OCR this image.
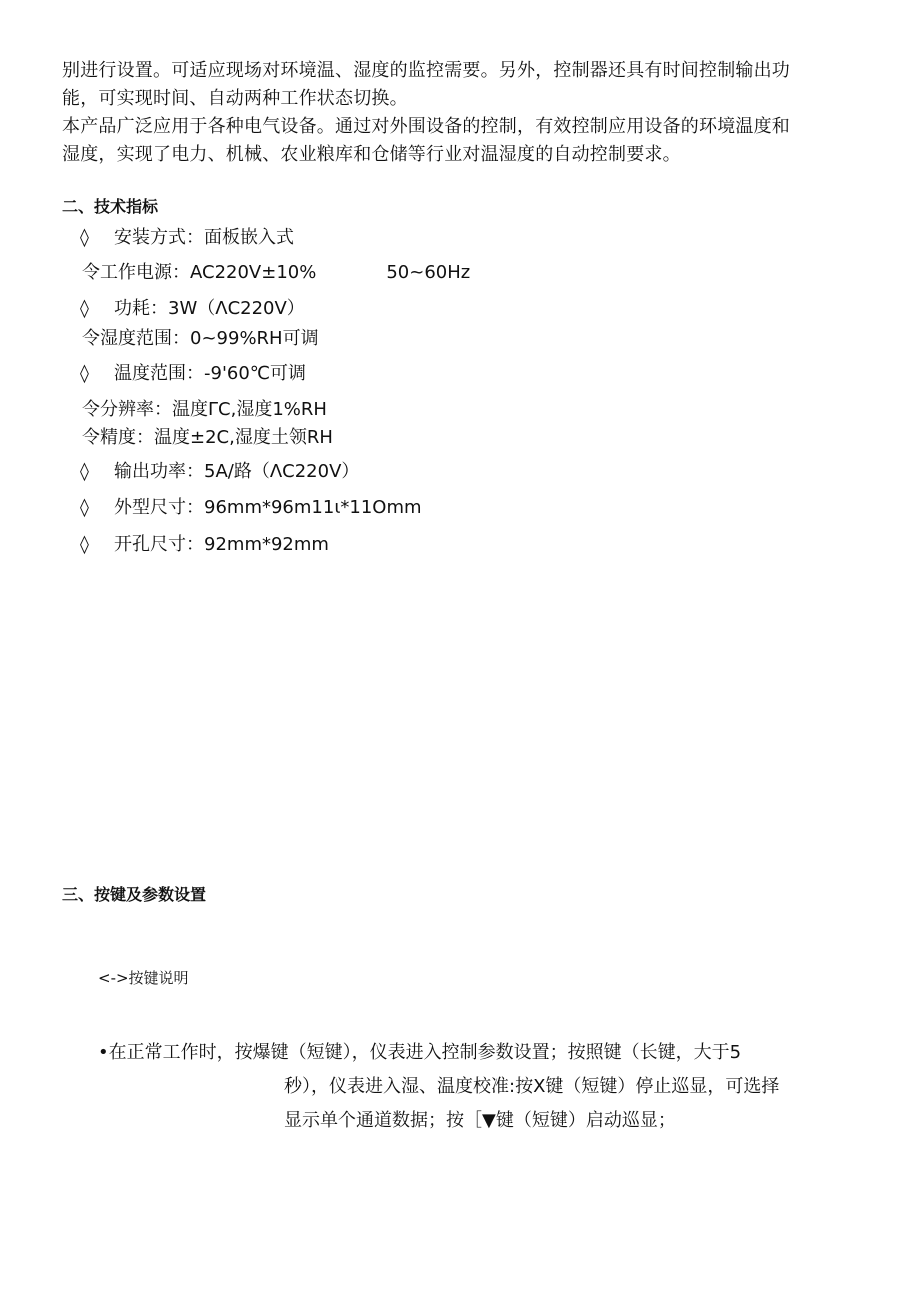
别进行设置。可适应现场对环境温、湿度的监控需要。另外，控制器还具有时间控制输出功
能，可实现时间、自动两种工作状态切换。
本产品广泛应用于各种电气设备。通过对外围设备的控制，有效控制应用设备的环境温度和
湿度，实现了电力、机械、农业粮库和仓储等行业对温湿度的自动控制要求。
二、技术指标
◊ 安装方式：面板嵌入式
令工作电源：AC220V±10%	50~60Hz
◊ 功耗：3W（ΛC220V）
令湿度范围：0~99%RH可调
◊ 温度范围：-9'60℃可调
令分辨率：温度ΓC,湿度1%RH
令精度：温度±2C,湿度土领RH
◊ 输出功率：5A/路（ΛC220V）
◊ 外型尺寸：96mm*96m11ι*11Omm
◊ 开孔尺寸：92mm*92mm
三、按键及参数设置
<->按键说明
•在正常工作时，按爆键（短键），仪表进入控制参数设置；按照键（长键，大于5
秒），仪表进入湿、温度校准:按X键（短键）停止巡显，可选择
显示单个通道数据；按［▼键（短键）启动巡显；
